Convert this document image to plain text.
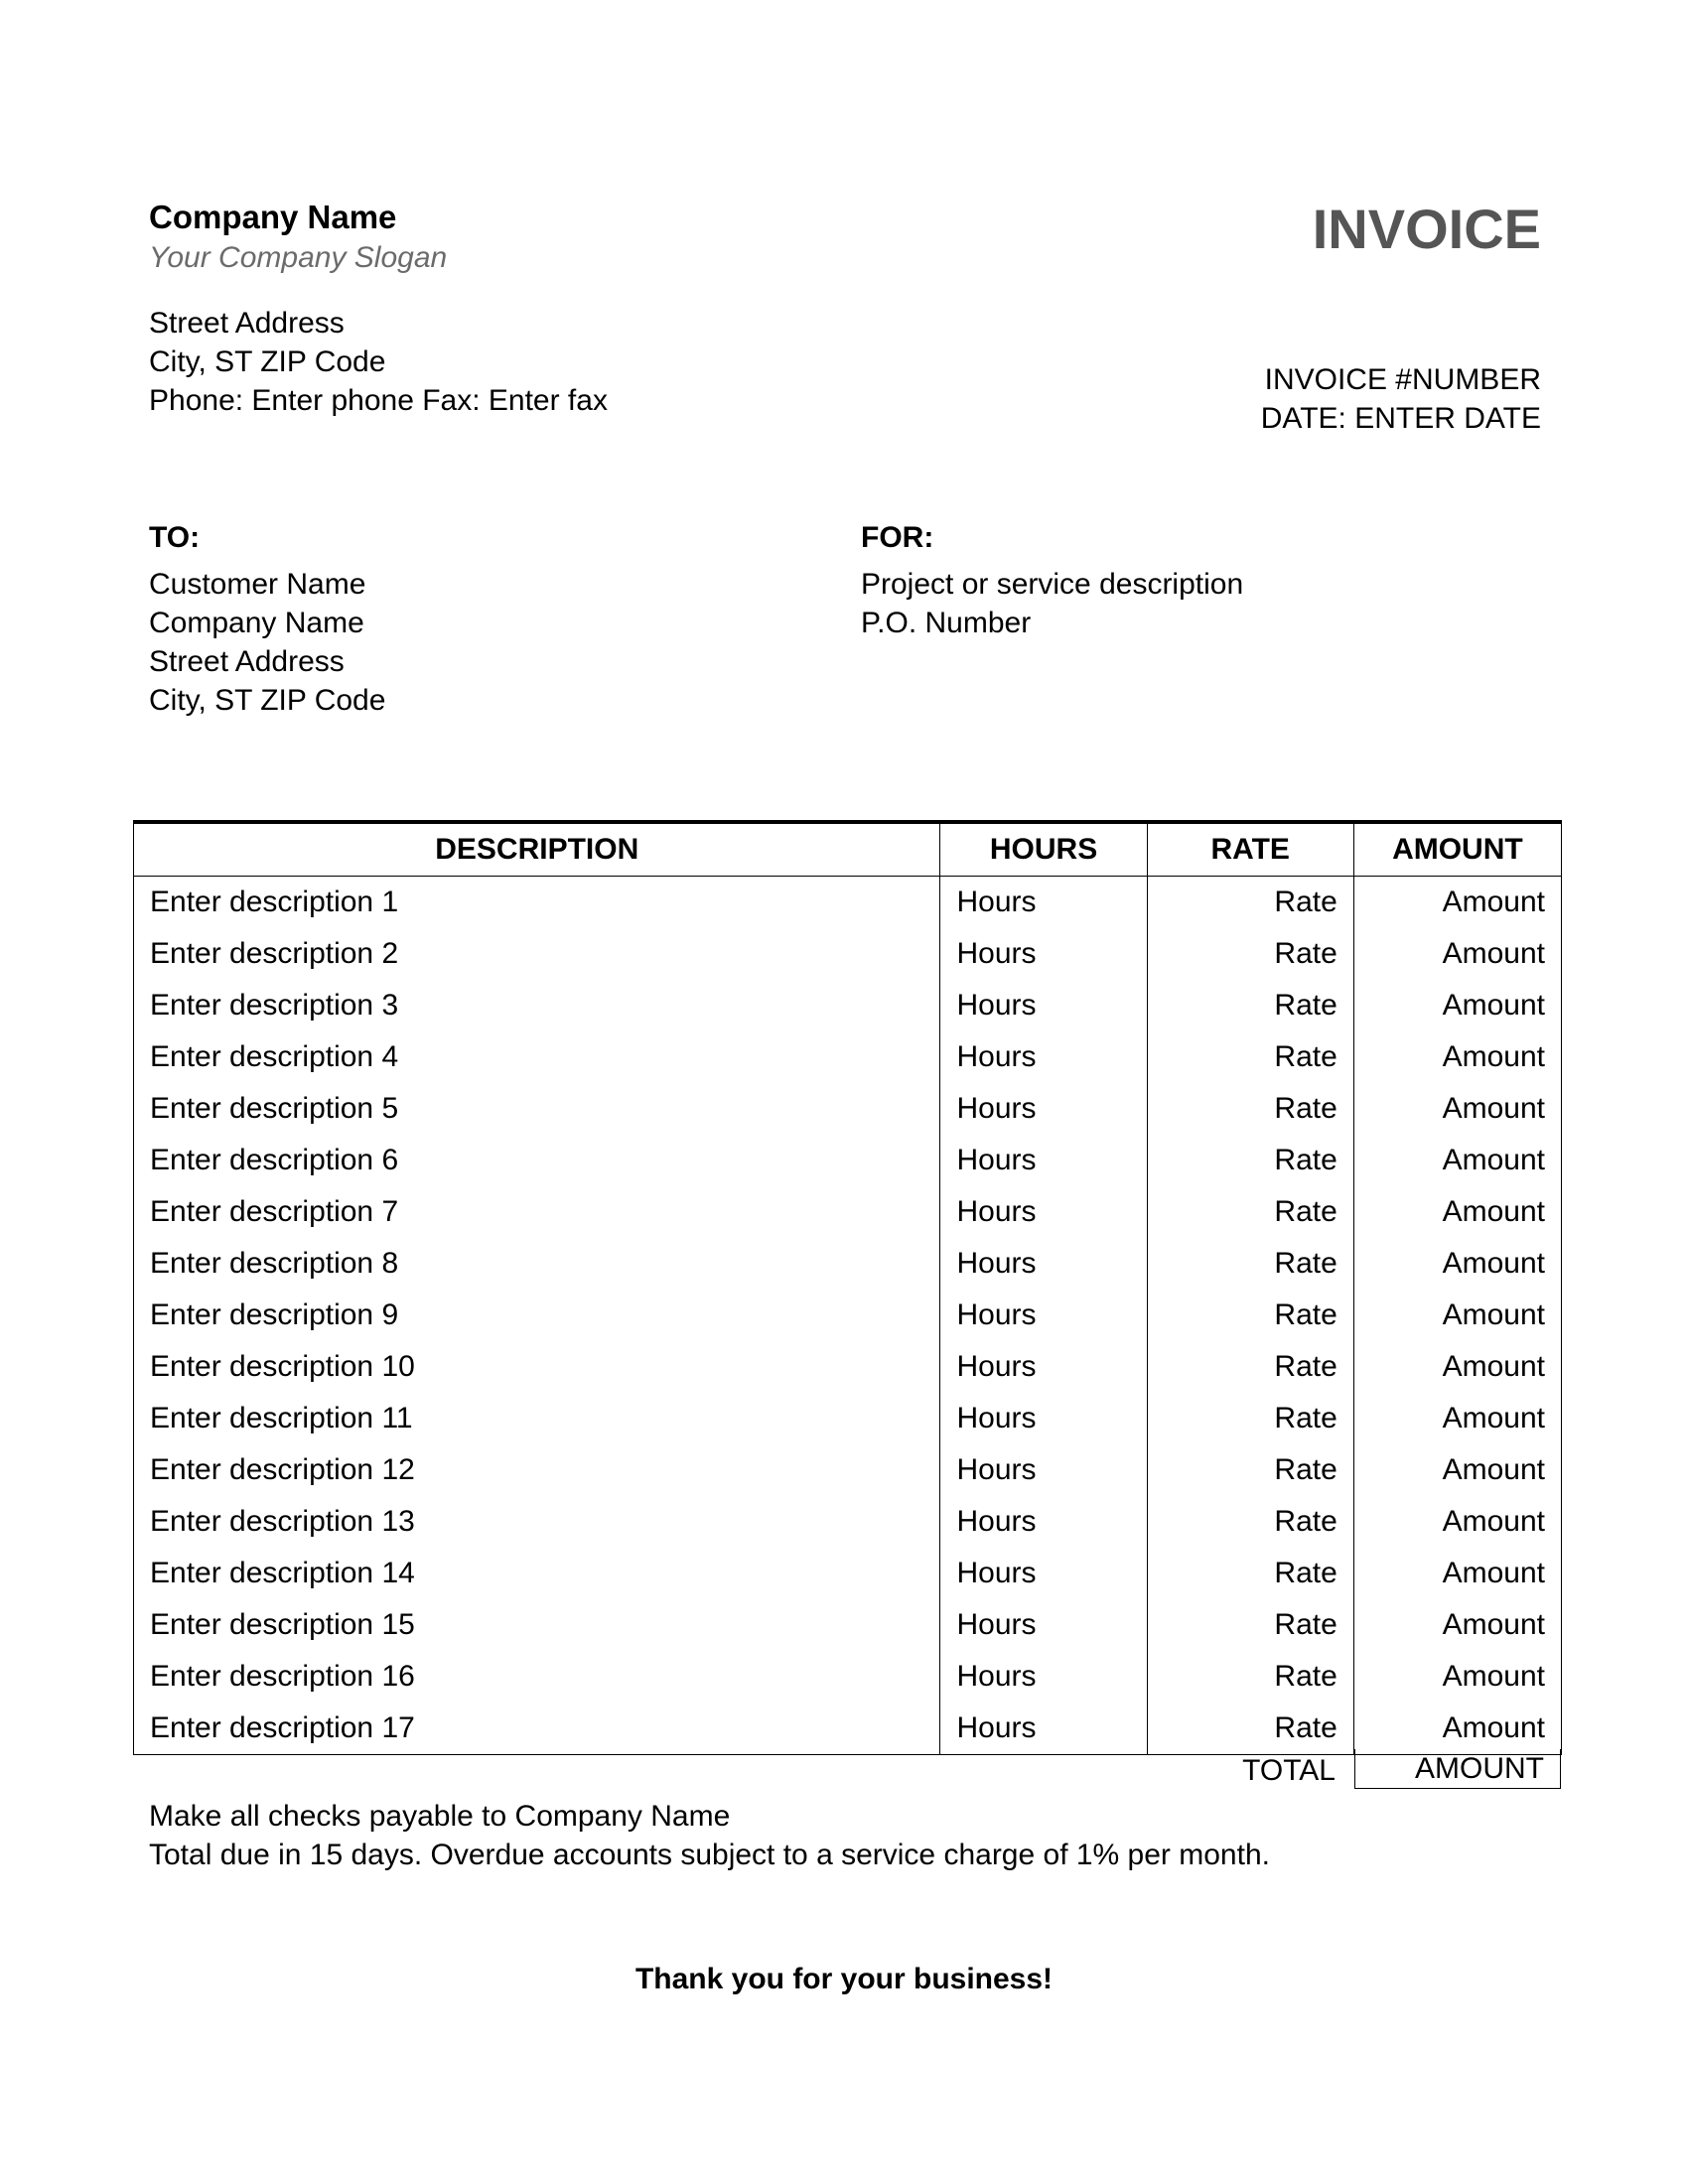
Company Name
Your Company Slogan
Street Address
City, ST ZIP Code
Phone: Enter phone Fax: Enter fax
INVOICE
INVOICE #NUMBER
DATE: ENTER DATE
TO:
Customer Name
Company Name
Street Address
City, ST ZIP Code
FOR:
Project or service description
P.O. Number
DESCRIPTION	HOURS	RATE	AMOUNT
Enter description 1	Hours	Rate	Amount
Enter description 2	Hours	Rate	Amount
Enter description 3	Hours	Rate	Amount
Enter description 4	Hours	Rate	Amount
Enter description 5	Hours	Rate	Amount
Enter description 6	Hours	Rate	Amount
Enter description 7	Hours	Rate	Amount
Enter description 8	Hours	Rate	Amount
Enter description 9	Hours	Rate	Amount
Enter description 10	Hours	Rate	Amount
Enter description 11	Hours	Rate	Amount
Enter description 12	Hours	Rate	Amount
Enter description 13	Hours	Rate	Amount
Enter description 14	Hours	Rate	Amount
Enter description 15	Hours	Rate	Amount
Enter description 16	Hours	Rate	Amount
Enter description 17	Hours	Rate	Amount
TOTAL	AMOUNT
Make all checks payable to Company Name
Total due in 15 days. Overdue accounts subject to a service charge of 1% per month.
Thank you for your business!
